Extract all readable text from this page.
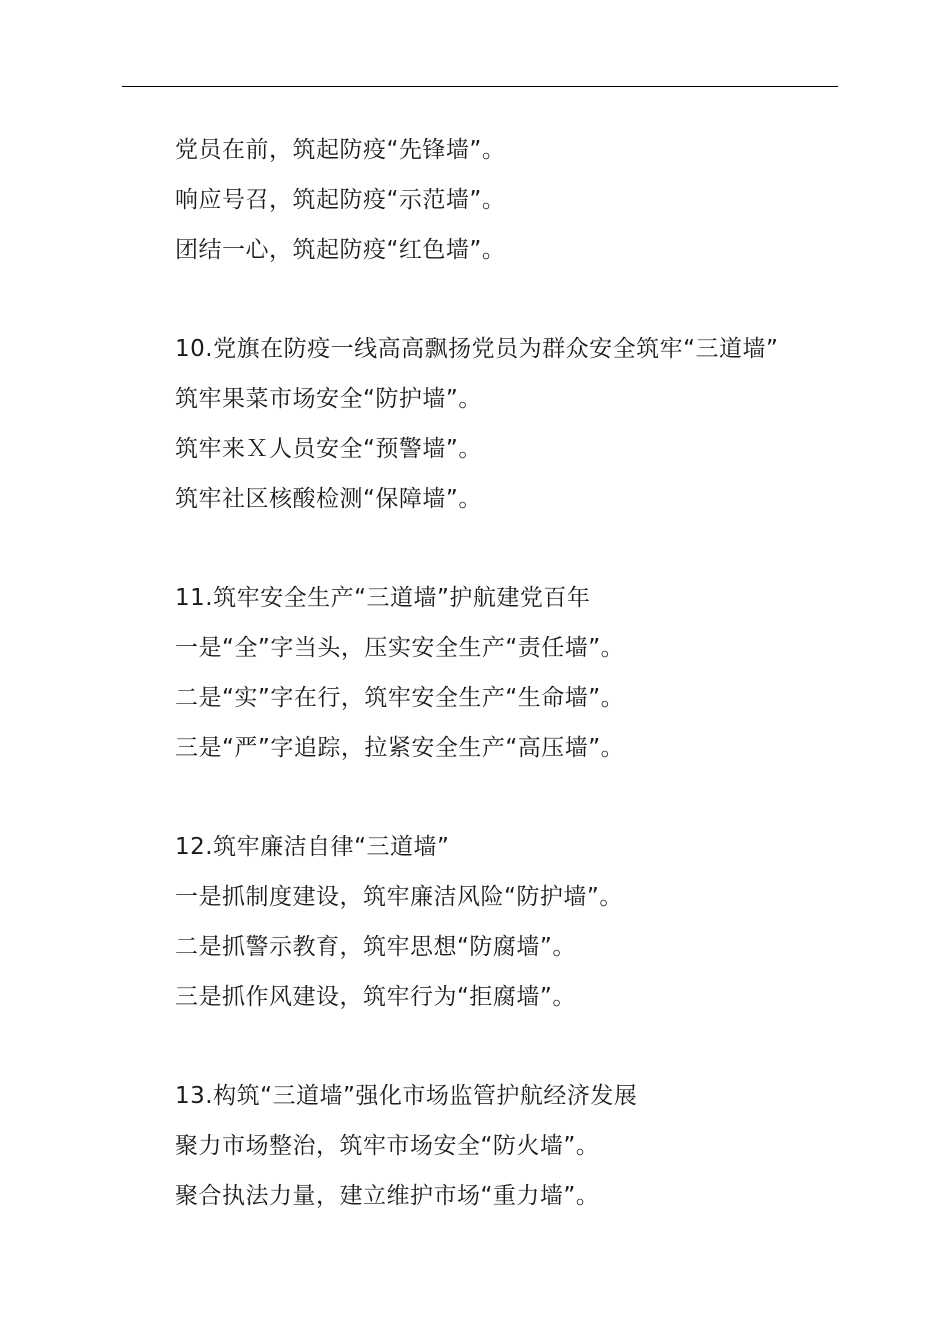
党员在前，筑起防疫“先锋墙”。
响应号召，筑起防疫“示范墙”。
团结一心，筑起防疫“红色墙”。
10.党旗在防疫一线高高飘扬党员为群众安全筑牢“三道墙”
筑牢果菜市场安全“防护墙”。
筑牢来Ｘ人员安全“预警墙”。
筑牢社区核酸检测“保障墙”。
11.筑牢安全生产“三道墙”护航建党百年
一是“全”字当头，压实安全生产“责任墙”。
二是“实”字在行，筑牢安全生产“生命墙”。
三是“严”字追踪，拉紧安全生产“高压墙”。
12.筑牢廉洁自律“三道墙”
一是抓制度建设，筑牢廉洁风险“防护墙”。
二是抓警示教育，筑牢思想“防腐墙”。
三是抓作风建设，筑牢行为“拒腐墙”。
13.构筑“三道墙”强化市场监管护航经济发展
聚力市场整治，筑牢市场安全“防火墙”。
聚合执法力量，建立维护市场“重力墙”。
